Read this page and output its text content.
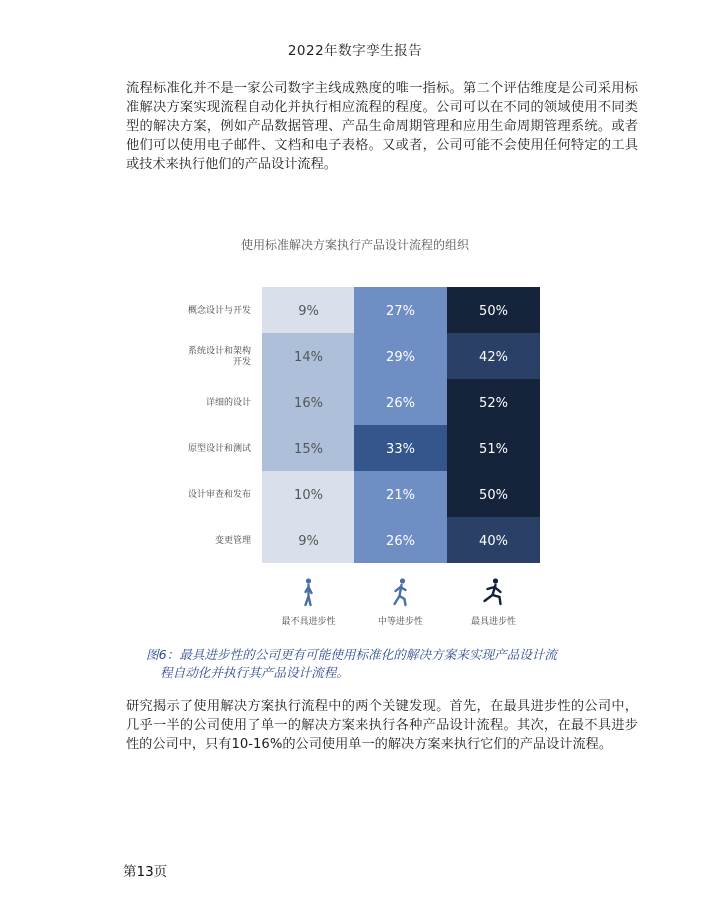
2022年数字孪生报告

流程标准化并不是一家公司数字主线成熟度的唯一指标。第二个评估维度是公司采用标准解决方案实现流程自动化并执行相应流程的程度。公司可以在不同的领域使用不同类型的解决方案，例如产品数据管理、产品生命周期管理和应用生命周期管理系统。或者他们可以使用电子邮件、文档和电子表格。又或者，公司可能不会使用任何特定的工具或技术来执行他们的产品设计流程。

使用标准解决方案执行产品设计流程的组织
概念设计与开发
系统设计和架构开发
详细的设计
原型设计和测试
设计审查和发布
变更管理
9%
14%
16%
15%
10%
9%
27%
29%
26%
33%
21%
26%
50%
42%
52%
51%
50%
40%
最不具进步性	中等进步性	最具进步性

图6：最具进步性的公司更有可能使用标准化的解决方案来实现产品设计流
程自动化并执行其产品设计流程。

研究揭示了使用解决方案执行流程中的两个关键发现。首先，在最具进步性的公司中，几乎一半的公司使用了单一的解决方案来执行各种产品设计流程。其次，在最不具进步性的公司中，只有10-16%的公司使用单一的解决方案来执行它们的产品设计流程。

第13页
